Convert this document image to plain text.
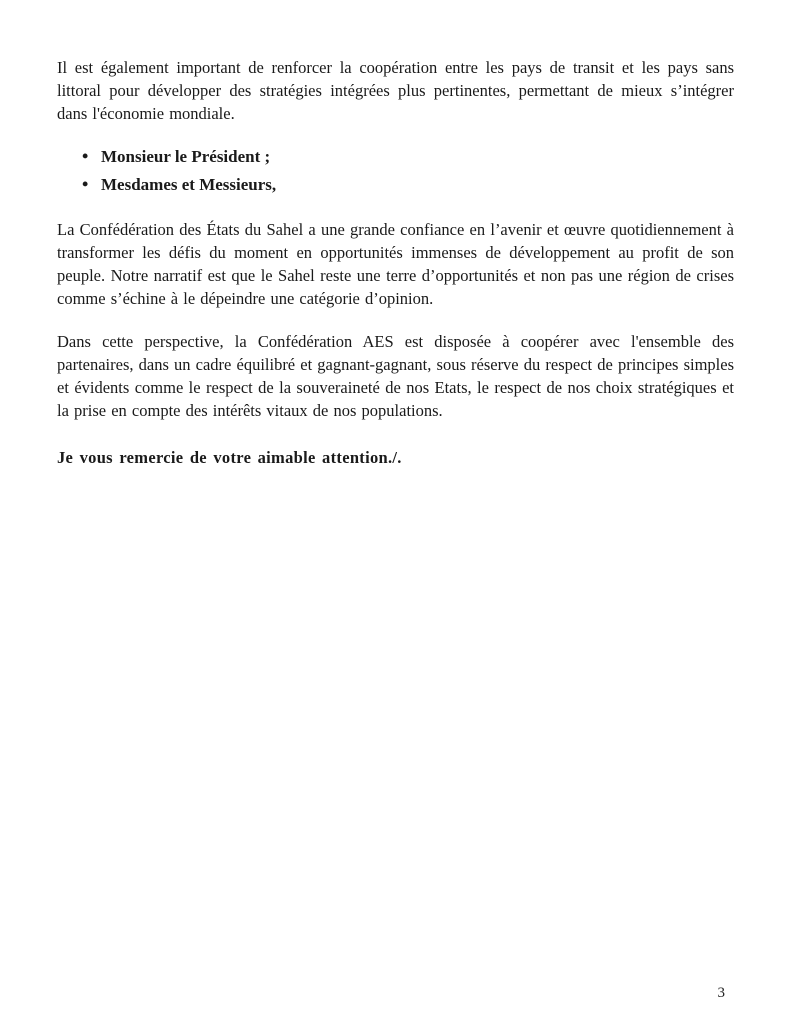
Il est également important de renforcer la coopération entre les pays de transit et les pays sans littoral pour développer des stratégies intégrées plus pertinentes, permettant de mieux s’intégrer dans l'économie mondiale.

• Monsieur le Président ;
• Mesdames et Messieurs,

La Confédération des États du Sahel a une grande confiance en l’avenir et œuvre quotidiennement à transformer les défis du moment en opportunités immenses de développement au profit de son peuple. Notre narratif est que le Sahel reste une terre d’opportunités et non pas une région de crises comme s’échine à le dépeindre une catégorie d’opinion.

Dans cette perspective, la Confédération AES est disposée à coopérer avec l'ensemble des partenaires, dans un cadre équilibré et gagnant-gagnant, sous réserve du respect de principes simples et évidents comme le respect de la souveraineté de nos Etats, le respect de nos choix stratégiques et la prise en compte des intérêts vitaux de nos populations.

Je vous remercie de votre aimable attention./.

3
